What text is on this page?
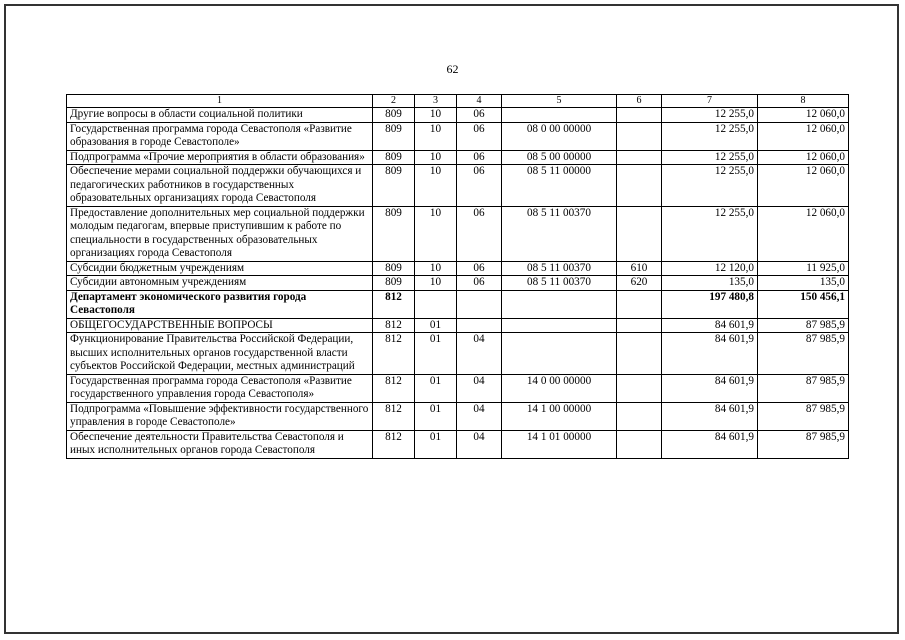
62
1	2	3	4	5	6	7	8
Другие вопросы в области социальной политики	809	10	06			12 255,0	12 060,0
Государственная программа города Севастополя «Развитие образования в городе Севастополе»	809	10	06	08 0 00 00000		12 255,0	12 060,0
Подпрограмма «Прочие мероприятия в области образования»	809	10	06	08 5 00 00000		12 255,0	12 060,0
Обеспечение мерами социальной поддержки обучающихся и педагогических работников в государственных образовательных организациях города Севастополя	809	10	06	08 5 11 00000		12 255,0	12 060,0
Предоставление дополнительных мер социальной поддержки молодым педагогам, впервые приступившим к работе по специальности в государственных образовательных организациях города Севастополя	809	10	06	08 5 11 00370		12 255,0	12 060,0
Субсидии бюджетным учреждениям	809	10	06	08 5 11 00370	610	12 120,0	11 925,0
Субсидии автономным учреждениям	809	10	06	08 5 11 00370	620	135,0	135,0
Департамент экономического развития города Севастополя	812					197 480,8	150 456,1
ОБЩЕГОСУДАРСТВЕННЫЕ ВОПРОСЫ	812	01				84 601,9	87 985,9
Функционирование Правительства Российской Федерации, высших исполнительных органов государственной власти субъектов Российской Федерации, местных администраций	812	01	04			84 601,9	87 985,9
Государственная программа города Севастополя «Развитие государственного управления города Севастополя»	812	01	04	14 0 00 00000		84 601,9	87 985,9
Подпрограмма «Повышение эффективности государственного управления в городе Севастополе»	812	01	04	14 1 00 00000		84 601,9	87 985,9
Обеспечение деятельности Правительства Севастополя и иных исполнительных органов города Севастополя	812	01	04	14 1 01 00000		84 601,9	87 985,9
